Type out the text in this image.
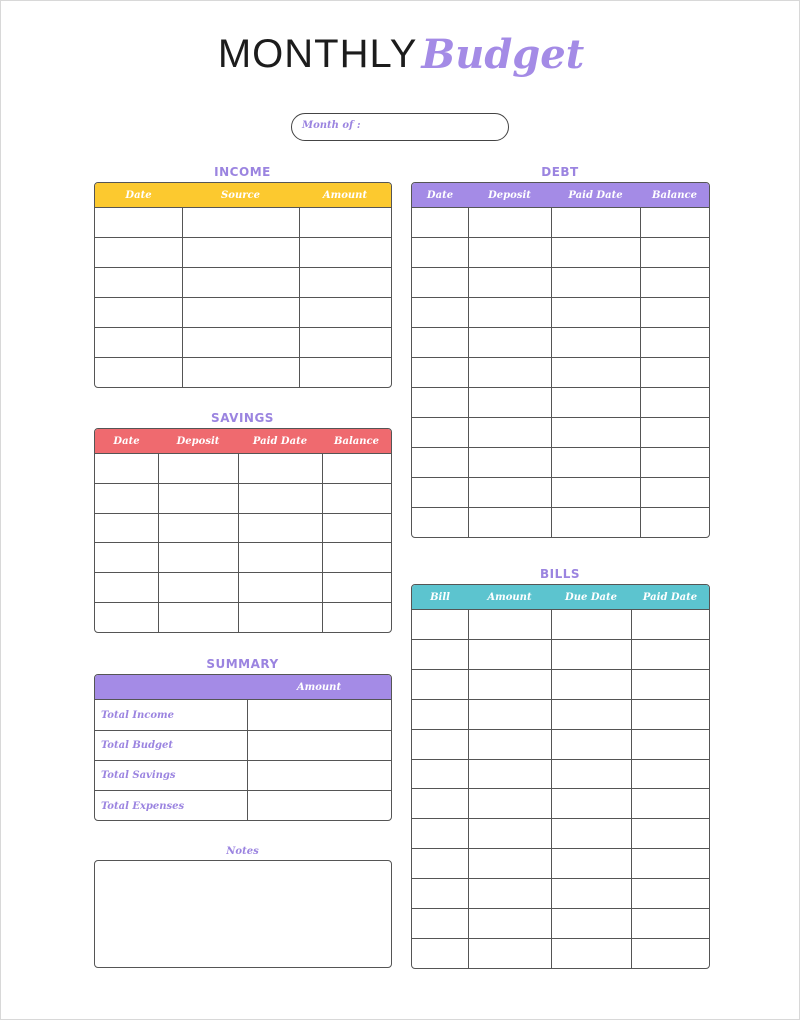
MONTHLY Budget
Month of :
INCOME
Date	Source	Amount
SAVINGS
Date	Deposit	Paid Date	Balance
SUMMARY
Amount
Total Income
Total Budget
Total Savings
Total Expenses
Notes
DEBT
Date	Deposit	Paid Date	Balance
BILLS
Bill	Amount	Due Date	Paid Date
